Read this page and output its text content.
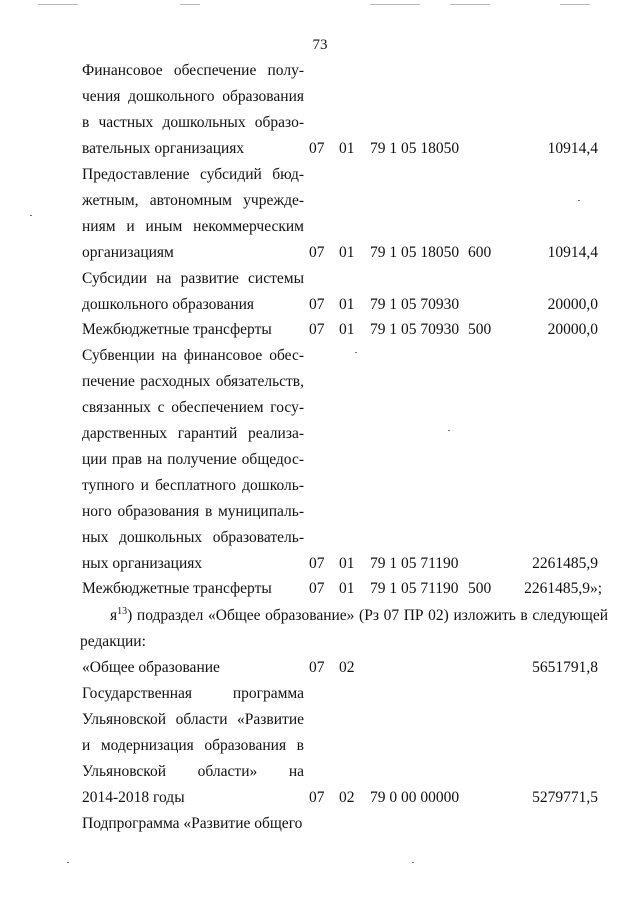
73
Финансовое обеспечение полу-
чения дошкольного образования
в частных дошкольных образо-
вательных организациях	07 01 79 1 05 18050	10914,4
Предоставление субсидий бюд-
жетным, автономным учрежде-
ниям и иным некоммерческим
организациям	07 01 79 1 05 18050 600	10914,4
Субсидии на развитие системы
дошкольного образования	07 01 79 1 05 70930	20000,0
Межбюджетные трансферты	07 01 79 1 05 70930 500	20000,0
Субвенции на финансовое обес-
печение расходных обязательств,
связанных с обеспечением госу-
дарственных гарантий реализа-
ции прав на получение общедос-
тупного и бесплатного дошколь-
ного образования в муниципаль-
ных дошкольных образователь-
ных организациях	07 01 79 1 05 71190	2261485,9
Межбюджетные трансферты	07 01 79 1 05 71190 500 2261485,9»;
$я^{13}$) подраздел «Общее образование» (Рз 07 ПР 02) изложить в следующей
редакции:
«Общее образование	07 02	5651791,8
Государственная программа
Ульяновской области «Развитие
и модернизация образования в
Ульяновской области» на
2014-2018 годы	07 02 79 0 00 00000	5279771,5
Подпрограмма «Развитие общего
